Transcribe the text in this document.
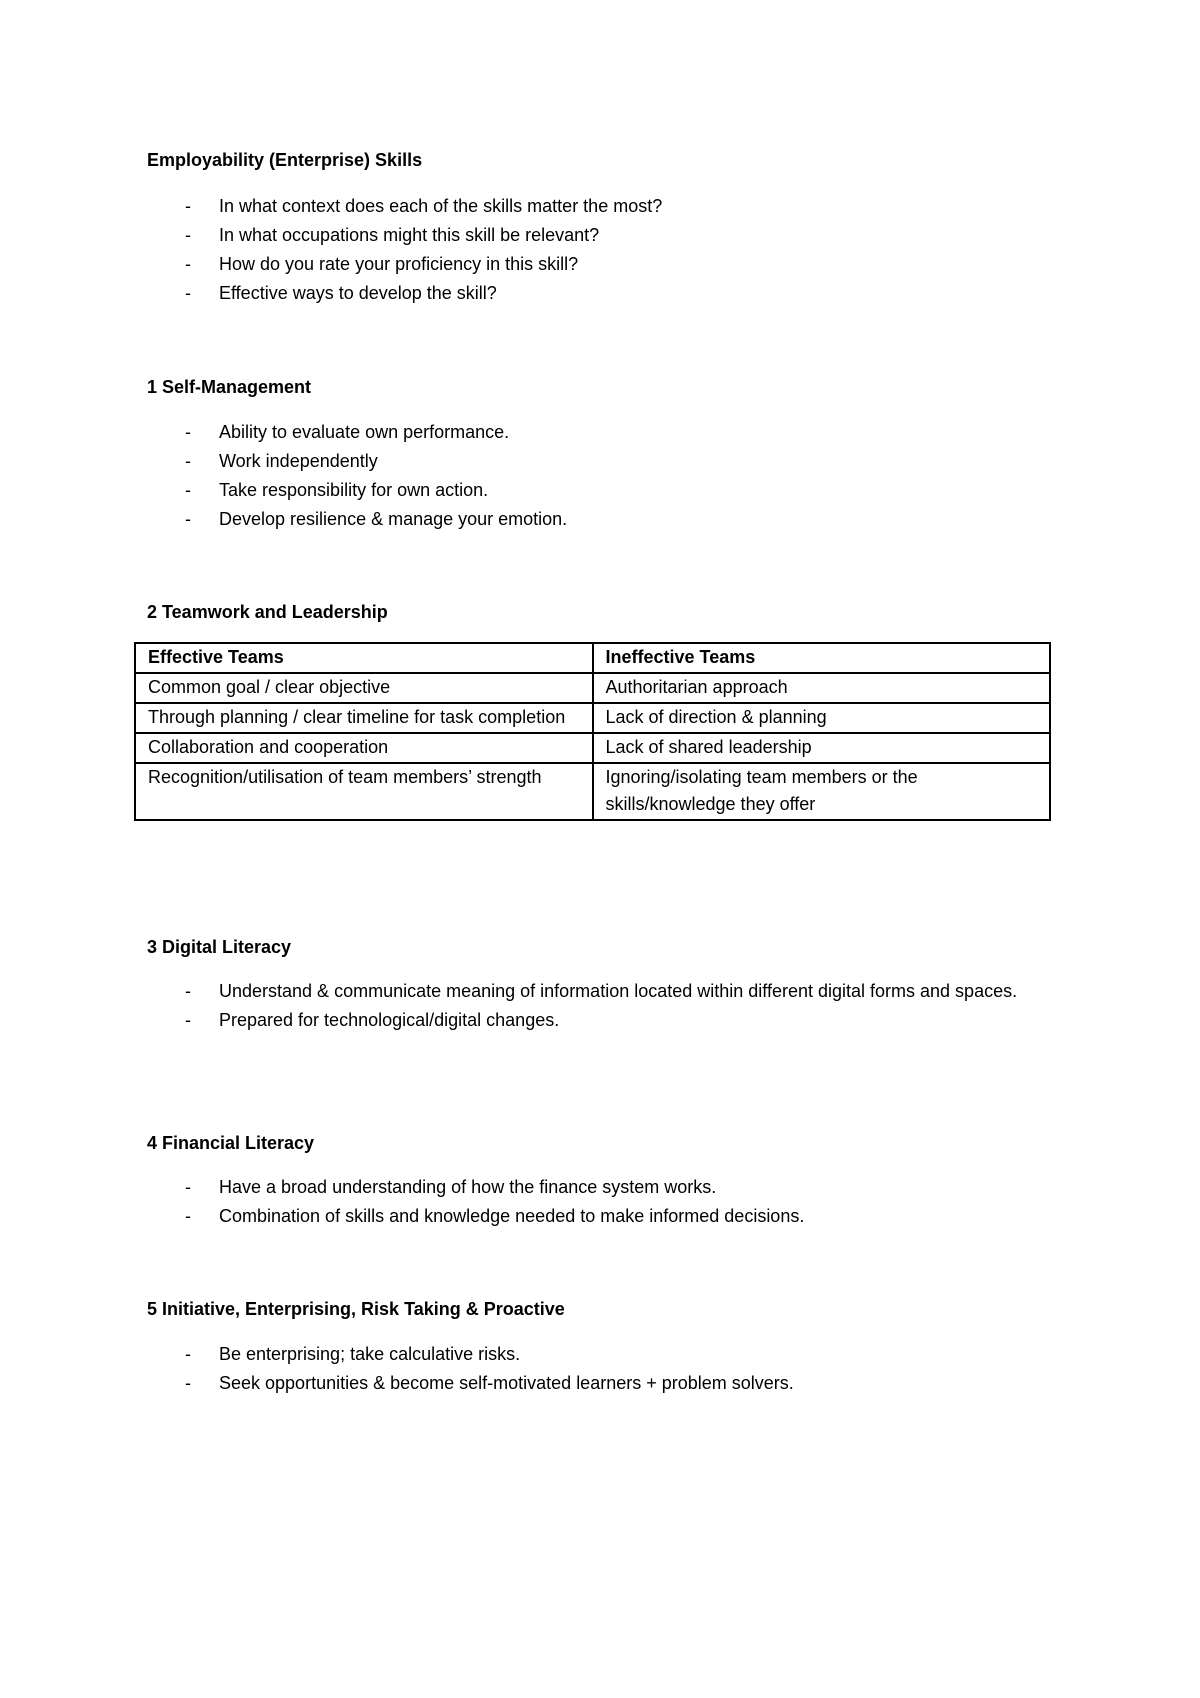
Employability (Enterprise) Skills
- In what context does each of the skills matter the most?
- In what occupations might this skill be relevant?
- How do you rate your proficiency in this skill?
- Effective ways to develop the skill?
1 Self-Management
- Ability to evaluate own performance.
- Work independently
- Take responsibility for own action.
- Develop resilience & manage your emotion.
2 Teamwork and Leadership
Effective Teams	Ineffective Teams
Common goal / clear objective	Authoritarian approach
Through planning / clear timeline for task completion	Lack of direction & planning
Collaboration and cooperation	Lack of shared leadership
Recognition/utilisation of team members’ strength	Ignoring/isolating team members or the skills/knowledge they offer
3 Digital Literacy
- Understand & communicate meaning of information located within different digital forms and spaces.
- Prepared for technological/digital changes.
4 Financial Literacy
- Have a broad understanding of how the finance system works.
- Combination of skills and knowledge needed to make informed decisions.
5 Initiative, Enterprising, Risk Taking & Proactive
- Be enterprising; take calculative risks.
- Seek opportunities & become self-motivated learners + problem solvers.
